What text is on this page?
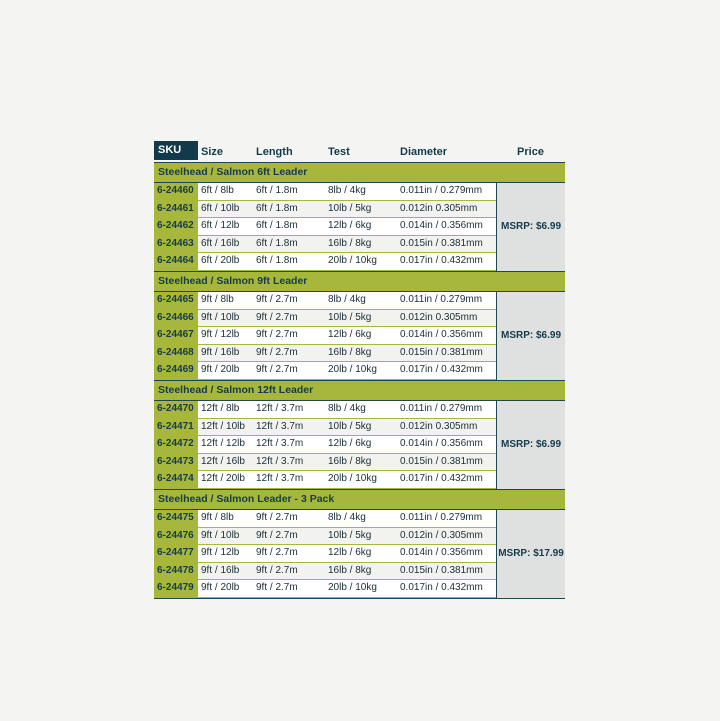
SKU	Size	Length	Test	Diameter	Price
Steelhead / Salmon 6ft Leader
6-24460 6ft / 8lb	6ft / 1.8m	8lb / 4kg	0.011in / 0.279mm
6-24461 6ft / 10lb	6ft / 1.8m	10lb / 5kg	0.012in 0.305mm
6-24462 6ft / 12lb	6ft / 1.8m	12lb / 6kg	0.014in / 0.356mm
6-24463 6ft / 16lb	6ft / 1.8m	16lb / 8kg	0.015in / 0.381mm
6-24464 6ft / 20lb	6ft / 1.8m	20lb / 10kg	0.017in / 0.432mm
MSRP: $6.99
Steelhead / Salmon 9ft Leader
6-24465 9ft / 8lb	9ft / 2.7m	8lb / 4kg	0.011in / 0.279mm
6-24466 9ft / 10lb	9ft / 2.7m	10lb / 5kg	0.012in 0.305mm
6-24467 9ft / 12lb	9ft / 2.7m	12lb / 6kg	0.014in / 0.356mm
6-24468 9ft / 16lb	9ft / 2.7m	16lb / 8kg	0.015in / 0.381mm
6-24469 9ft / 20lb	9ft / 2.7m	20lb / 10kg	0.017in / 0.432mm
MSRP: $6.99
Steelhead / Salmon 12ft Leader
6-24470 12ft / 8lb	12ft / 3.7m	8lb / 4kg	0.011in / 0.279mm
6-24471 12ft / 10lb	12ft / 3.7m	10lb / 5kg	0.012in 0.305mm
6-24472 12ft / 12lb	12ft / 3.7m	12lb / 6kg	0.014in / 0.356mm
6-24473 12ft / 16lb	12ft / 3.7m	16lb / 8kg	0.015in / 0.381mm
6-24474 12ft / 20lb	12ft / 3.7m	20lb / 10kg	0.017in / 0.432mm
MSRP: $6.99
Steelhead / Salmon Leader - 3 Pack
6-24475 9ft / 8lb	9ft / 2.7m	8lb / 4kg	0.011in / 0.279mm
6-24476 9ft / 10lb	9ft / 2.7m	10lb / 5kg	0.012in / 0.305mm
6-24477 9ft / 12lb	9ft / 2.7m	12lb / 6kg	0.014in / 0.356mm
6-24478 9ft / 16lb	9ft / 2.7m	16lb / 8kg	0.015in / 0.381mm
6-24479 9ft / 20lb	9ft / 2.7m	20lb / 10kg	0.017in / 0.432mm
MSRP: $17.99
